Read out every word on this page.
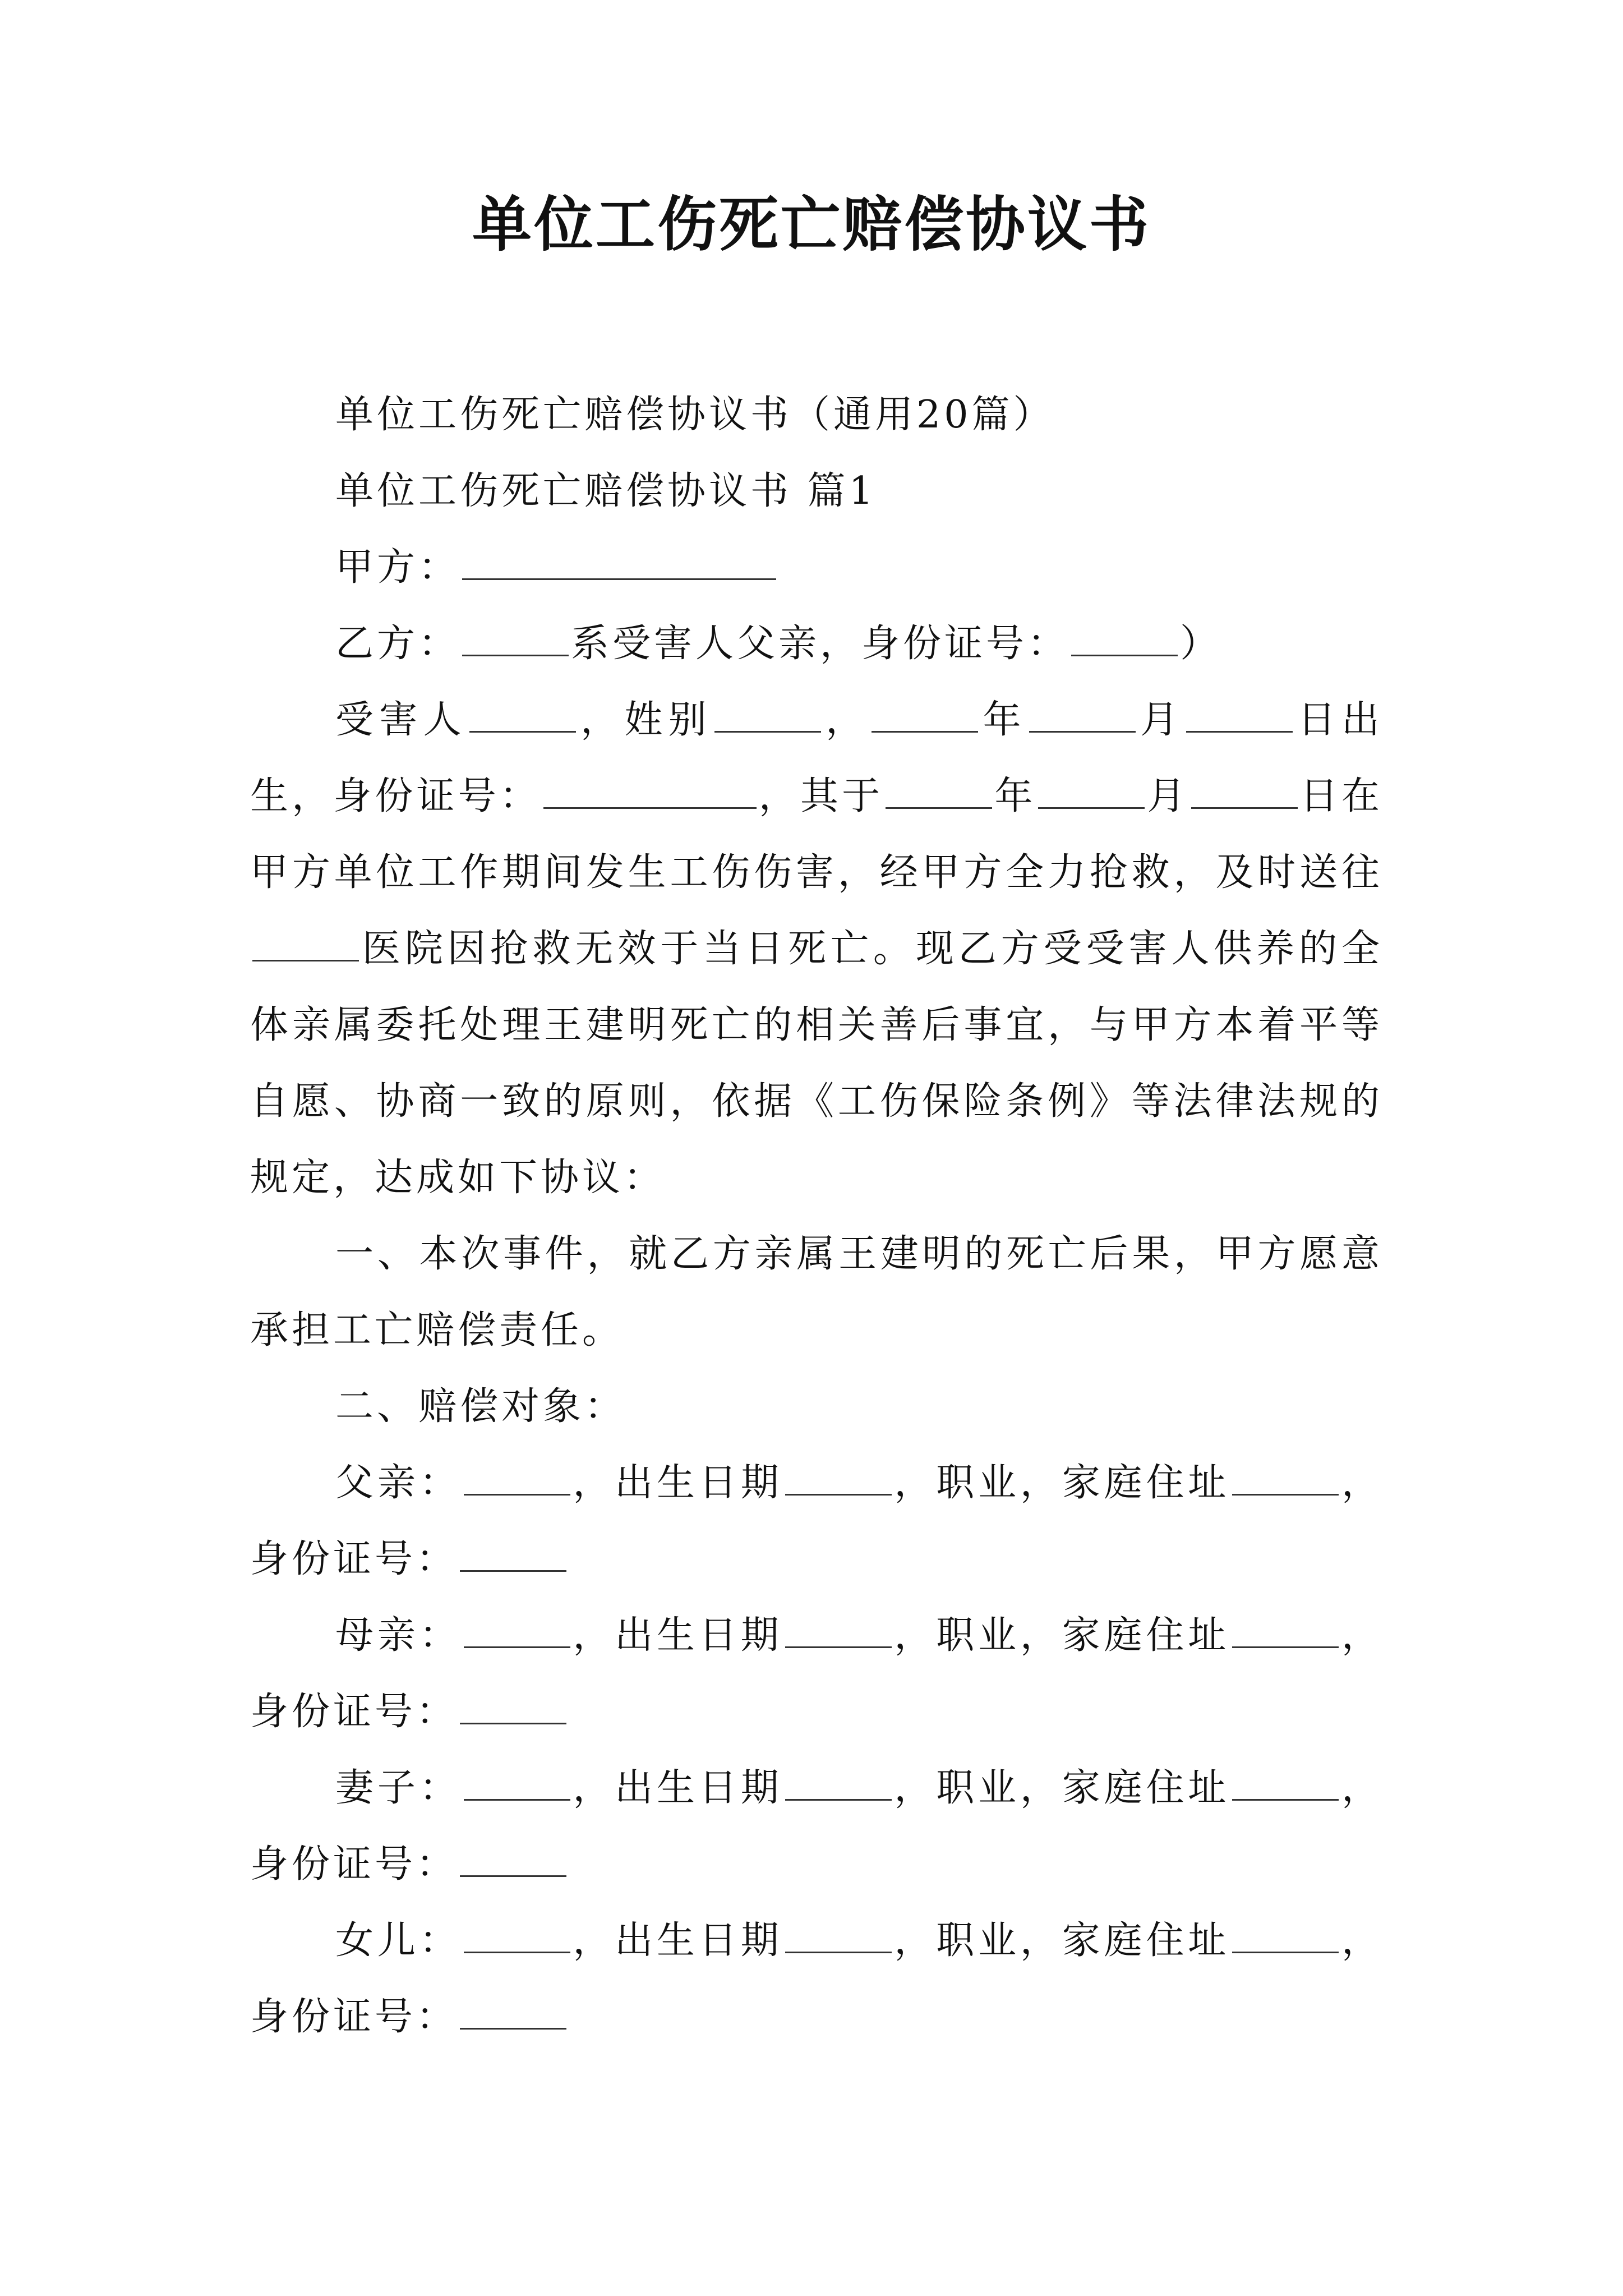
单位工伤死亡赔偿协议书

单位工伤死亡赔偿协议书（通用20篇）

单位工伤死亡赔偿协议书 篇1

甲方：

乙方：	系受害人父亲，身份证号：	）

受害人	，姓别	，	年	月	日出生，身份证号：	，其于	年	月	日在甲方单位工作期间发生工伤伤害，经甲方全力抢救，及时送往医院因抢救无效于当日死亡。现乙方受受害人供养的全体亲属委托处理王建明死亡的相关善后事宜，与甲方本着平等自愿、协商一致的原则，依据《工伤保险条例》等法律法规的规定，达成如下协议：

一、本次事件，就乙方亲属王建明的死亡后果，甲方愿意承担工亡赔偿责任。

二、赔偿对象：

父亲：	，出生日期	，职业，家庭住址	，身份证号：

母亲：	，出生日期	，职业，家庭住址	，身份证号：

妻子：	，出生日期	，职业，家庭住址	，身份证号：

女儿：	，出生日期	，职业，家庭住址	，身份证号：
